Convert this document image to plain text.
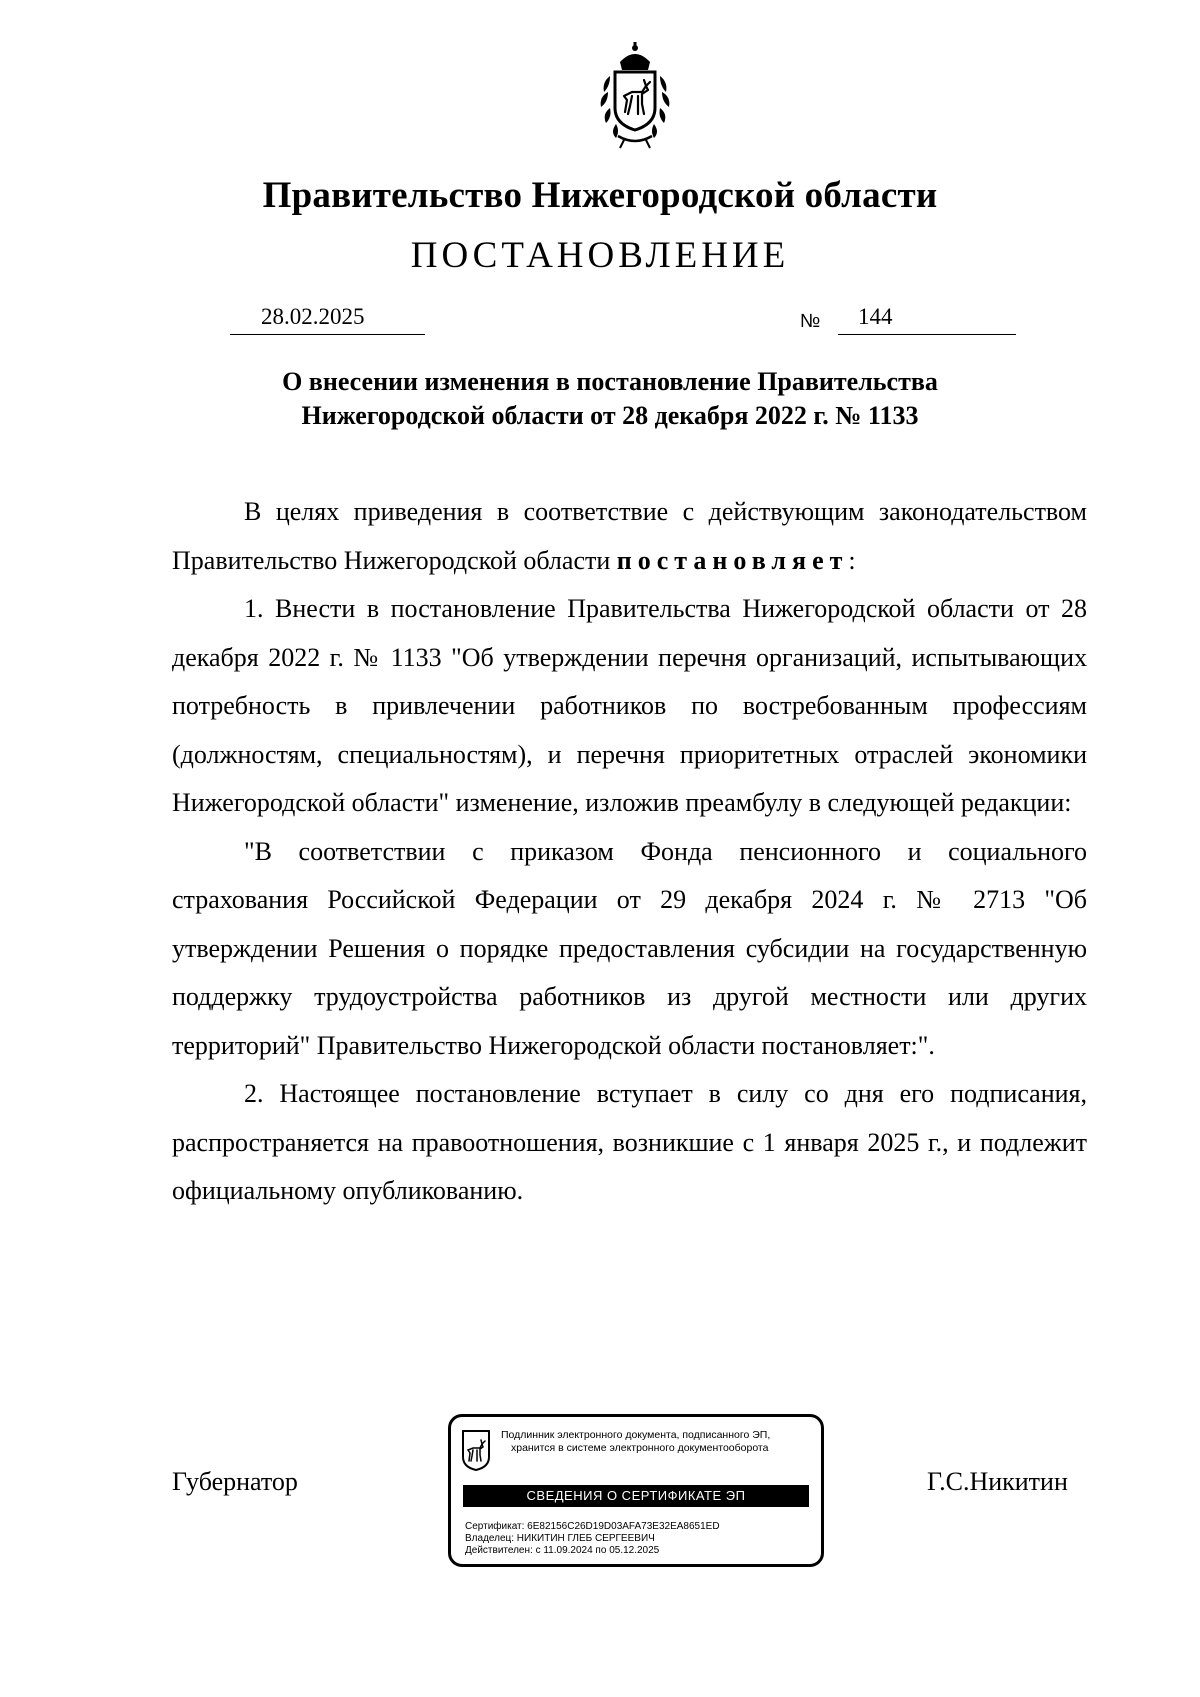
Правительство Нижегородской области
ПОСТАНОВЛЕНИЕ
28.02.2025	№ 144
О внесении изменения в постановление Правительства
Нижегородской области от 28 декабря 2022 г. № 1133

В целях приведения в соответствие с действующим законодательством Правительство Нижегородской области постановляет:

1. Внести в постановление Правительства Нижегородской области от 28 декабря 2022 г. № 1133 "Об утверждении перечня организаций, испытывающих потребность в привлечении работников по востребованным профессиям (должностям, специальностям), и перечня приоритетных отраслей экономики Нижегородской области" изменение, изложив преамбулу в следующей редакции:

"В соответствии с приказом Фонда пенсионного и социального страхования Российской Федерации от 29 декабря 2024 г. № 2713 "Об утверждении Решения о порядке предоставления субсидии на государственную поддержку трудоустройства работников из другой местности или других территорий" Правительство Нижегородской области постановляет:".

2. Настоящее постановление вступает в силу со дня его подписания, распространяется на правоотношения, возникшие с 1 января 2025 г., и подлежит официальному опубликованию.

Губернатор	Г.С.Никитин
Подлинник электронного документа, подписанного ЭП,
хранится в системе электронного документооборота
СВЕДЕНИЯ О СЕРТИФИКАТЕ ЭП
Сертификат: 6E82156C26D19D03AFA73E32EA8651ED
Владелец: НИКИТИН ГЛЕБ СЕРГЕЕВИЧ
Действителен: с 11.09.2024 по 05.12.2025
